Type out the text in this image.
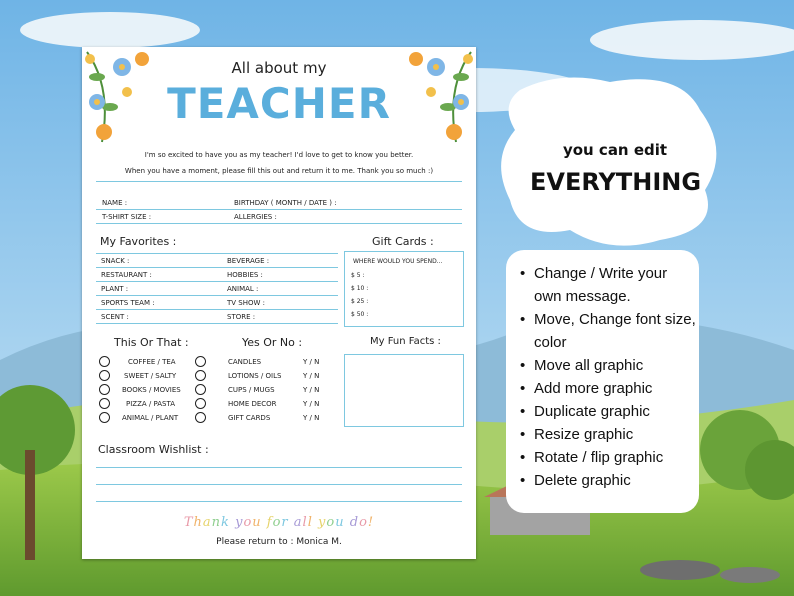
All about my
TEACHER
I'm so excited to have you as my teacher! I'd love to get to know you better.
When you have a moment, please fill this out and return it to me. Thank you so much :)
NAME :	BIRTHDAY ( MONTH / DATE ) :
T-SHIRT SIZE :	ALLERGIES :
My Favorites :
SNACK :	BEVERAGE :
RESTAURANT :	HOBBIES :
PLANT :	ANIMAL :
SPORTS TEAM :	TV SHOW :
SCENT :	STORE :
Gift Cards :
WHERE WOULD YOU SPEND...
$ 5 :
$ 10 :
$ 25 :
$ 50 :
This Or That :	Yes Or No :	My Fun Facts :
COFFEE / TEA	CANDLES	Y / N
SWEET / SALTY	LOTIONS / OILS	Y / N
BOOKS / MOVIES	CUPS / MUGS	Y / N
PIZZA / PASTA	HOME DECOR	Y / N
ANIMAL / PLANT	GIFT CARDS	Y / N
Classroom Wishlist :
Thank you for all you do!
Please return to : Monica M.
you can edit
EVERYTHING
• Change / Write your own message.
• Move, Change font size, color
• Move all graphic
• Add more graphic
• Duplicate graphic
• Resize graphic
• Rotate / flip graphic
• Delete graphic
